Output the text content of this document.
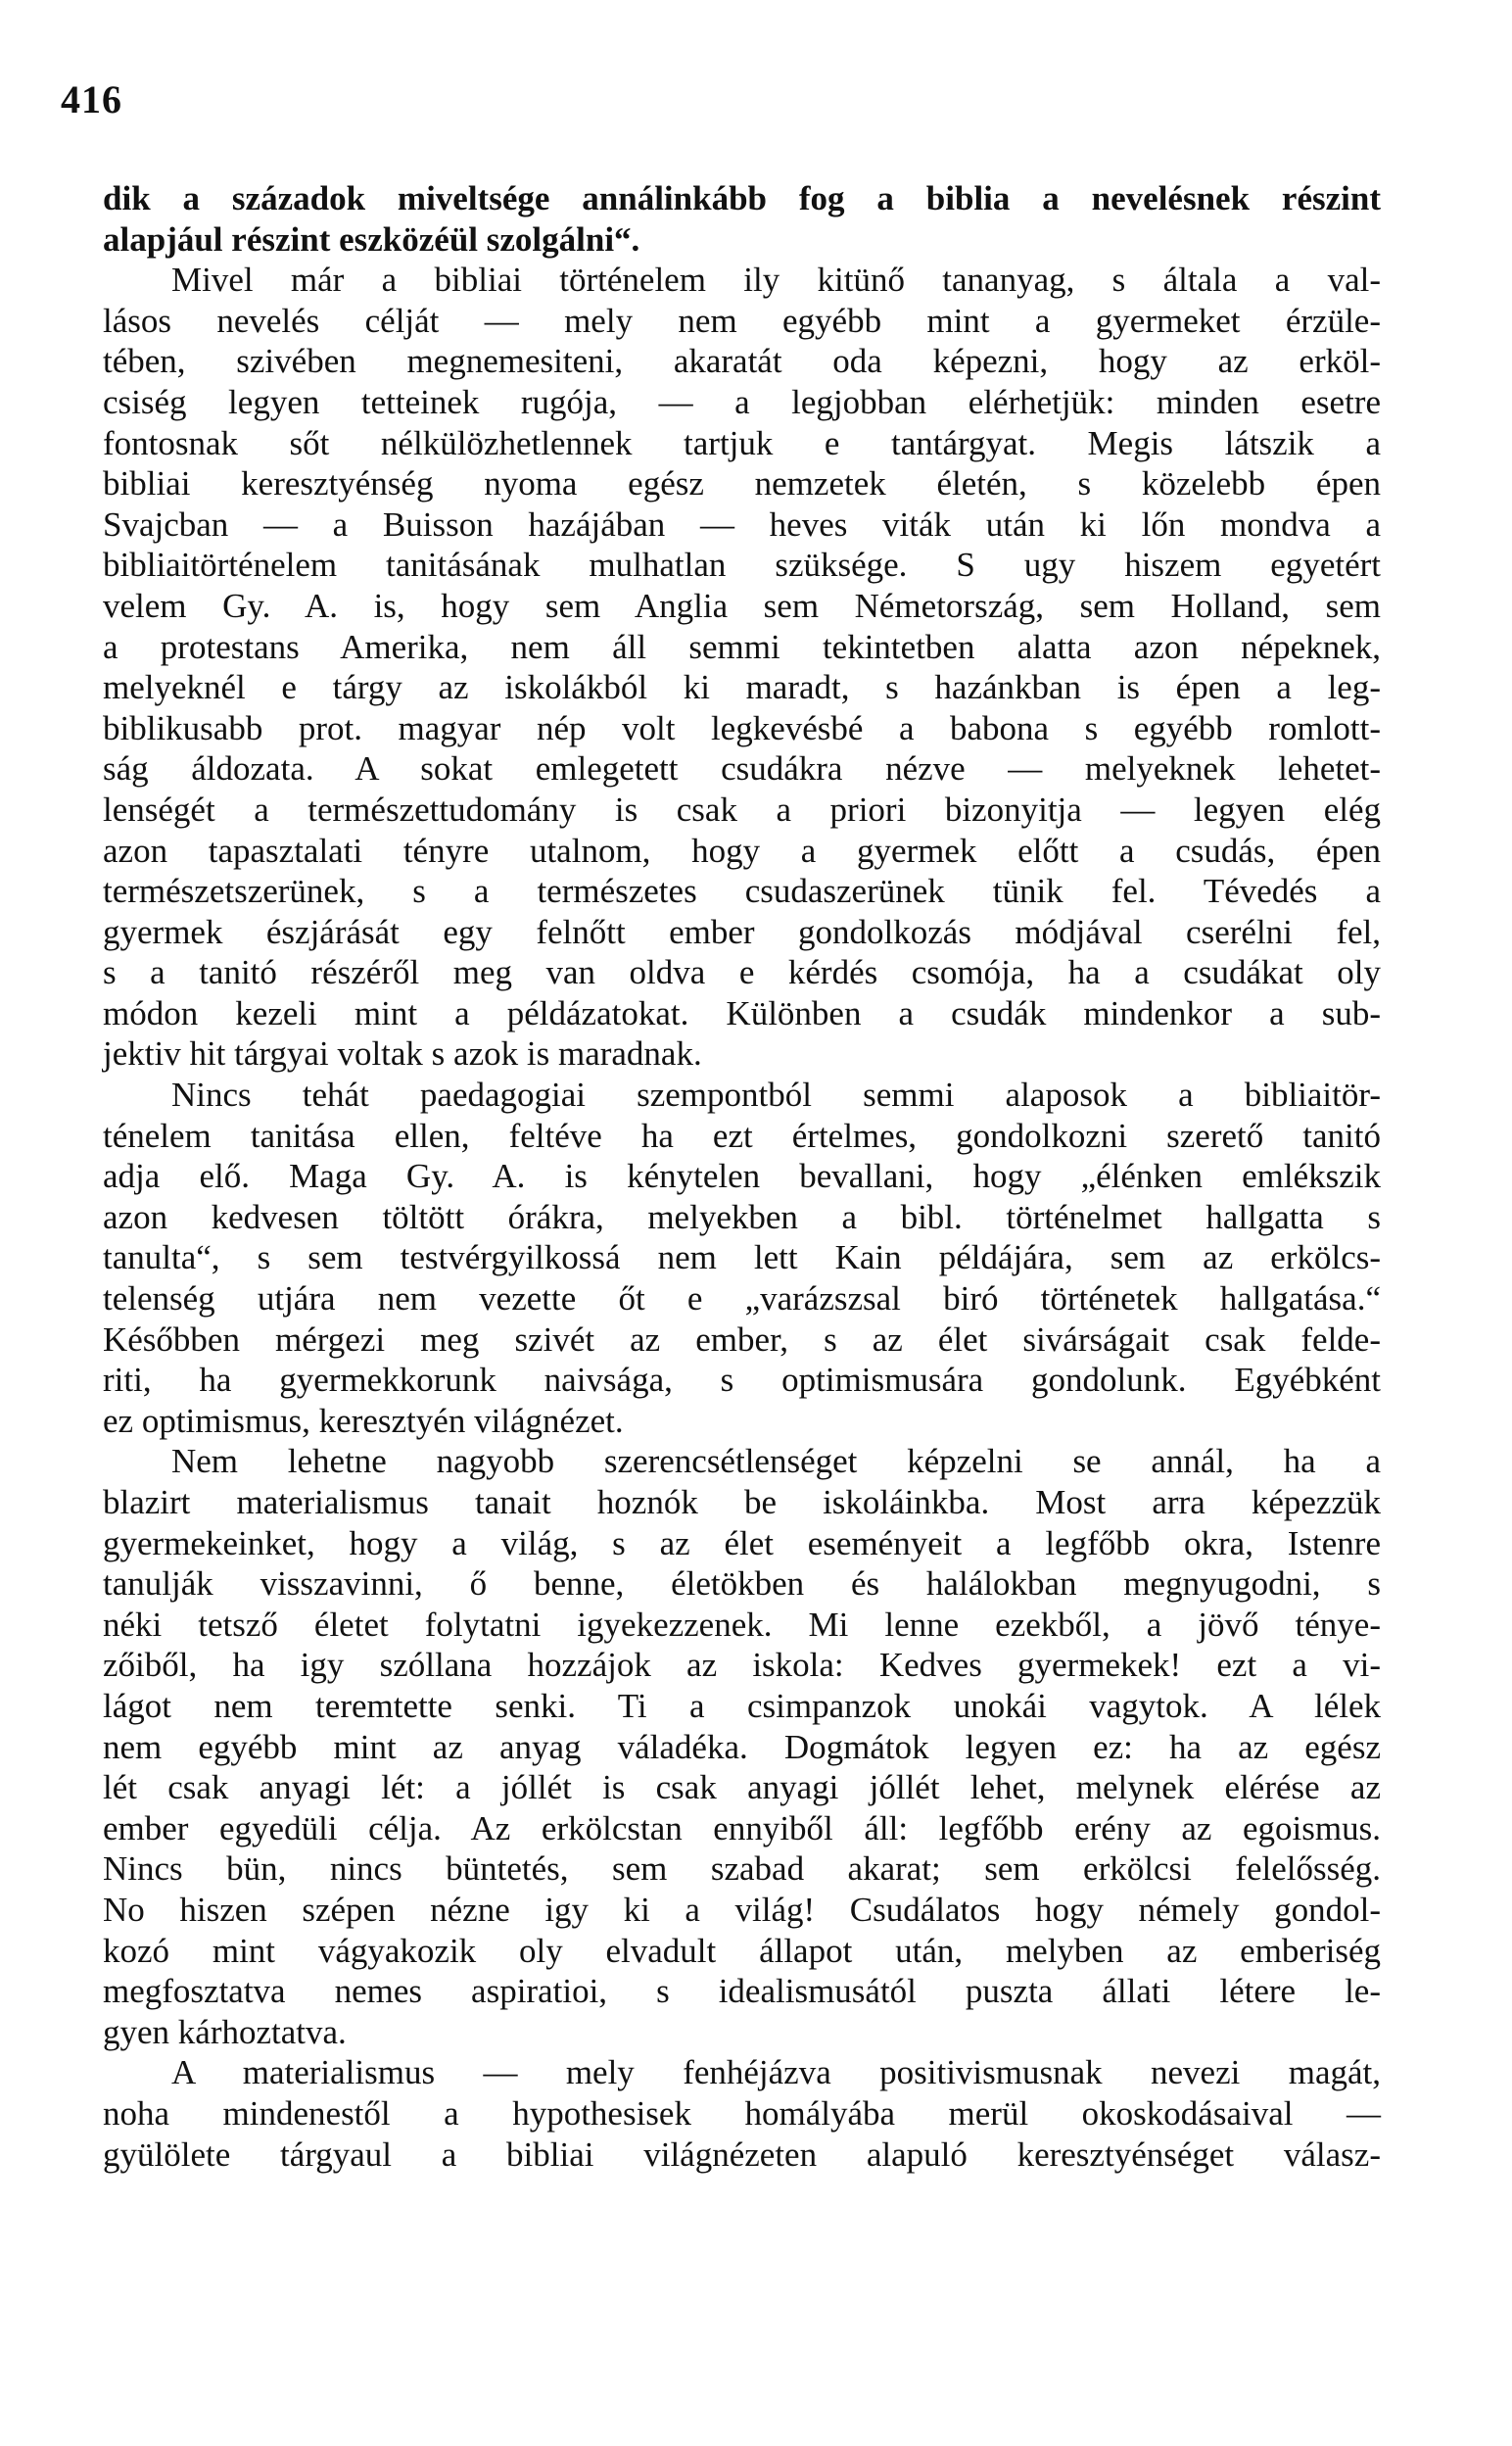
416
dik a századok miveltsége annálinkább fog a biblia a nevelésnek részint
alapjául részint eszközéül szolgálni“.
Mivel már a bibliai történelem ily kitünő tananyag, s általa a val-
lásos nevelés célját — mely nem egyébb mint a gyermeket érzüle-
tében, szivében megnemesiteni, akaratát oda képezni, hogy az erköl-
csiség legyen tetteinek rugója, — a legjobban elérhetjük: minden esetre
fontosnak sőt nélkülözhetlennek tartjuk e tantárgyat. Megis látszik a
bibliai keresztyénség nyoma egész nemzetek életén, s közelebb épen
Svajcban — a Buisson hazájában — heves viták után ki lőn mondva a
bibliaitörténelem tanitásának mulhatlan szüksége. S ugy hiszem egyetért
velem Gy. A. is, hogy sem Anglia sem Németország, sem Holland, sem
a protestans Amerika, nem áll semmi tekintetben alatta azon népeknek,
melyeknél e tárgy az iskolákból ki maradt, s hazánkban is épen a leg-
biblikusabb prot. magyar nép volt legkevésbé a babona s egyébb romlott-
ság áldozata. A sokat emlegetett csudákra nézve — melyeknek lehetet-
lenségét a természettudomány is csak a priori bizonyitja — legyen elég
azon tapasztalati tényre utalnom, hogy a gyermek előtt a csudás, épen
természetszerünek, s a természetes csudaszerünek tünik fel. Tévedés a
gyermek észjárását egy felnőtt ember gondolkozás módjával cserélni fel,
s a tanitó részéről meg van oldva e kérdés csomója, ha a csudákat oly
módon kezeli mint a példázatokat. Különben a csudák mindenkor a sub-
jektiv hit tárgyai voltak s azok is maradnak.
Nincs tehát paedagogiai szempontból semmi alaposok a bibliaitör-
ténelem tanitása ellen, feltéve ha ezt értelmes, gondolkozni szerető tanitó
adja elő. Maga Gy. A. is kénytelen bevallani, hogy „élénken emlékszik
azon kedvesen töltött órákra, melyekben a bibl. történelmet hallgatta s
tanulta“, s sem testvérgyilkossá nem lett Kain példájára, sem az erkölcs-
telenség utjára nem vezette őt e „varázszsal biró történetek hallgatása.“
Későbben mérgezi meg szivét az ember, s az élet sivárságait csak felde-
riti, ha gyermekkorunk naivsága, s optimismusára gondolunk. Egyébként
ez optimismus, keresztyén világnézet.
Nem lehetne nagyobb szerencsétlenséget képzelni se annál, ha a
blazirt materialismus tanait hoznók be iskoláinkba. Most arra képezzük
gyermekeinket, hogy a világ, s az élet eseményeit a legfőbb okra, Istenre
tanulják visszavinni, ő benne, életökben és halálokban megnyugodni, s
néki tetsző életet folytatni igyekezzenek. Mi lenne ezekből, a jövő ténye-
zőiből, ha igy szóllana hozzájok az iskola: Kedves gyermekek! ezt a vi-
lágot nem teremtette senki. Ti a csimpanzok unokái vagytok. A lélek
nem egyébb mint az anyag váladéka. Dogmátok legyen ez: ha az egész
lét csak anyagi lét: a jóllét is csak anyagi jóllét lehet, melynek elérése az
ember egyedüli célja. Az erkölcstan ennyiből áll: legfőbb erény az egoismus.
Nincs bün, nincs büntetés, sem szabad akarat; sem erkölcsi felelősség.
No hiszen szépen nézne igy ki a világ! Csudálatos hogy némely gondol-
kozó mint vágyakozik oly elvadult állapot után, melyben az emberiség
megfosztatva nemes aspiratioi, s idealismusától puszta állati létere le-
gyen kárhoztatva.
A materialismus — mely fenhéjázva positivismusnak nevezi magát,
noha mindenestől a hypothesisek homályába merül okoskodásaival —
gyülölete tárgyaul a bibliai világnézeten alapuló keresztyénséget válasz-
